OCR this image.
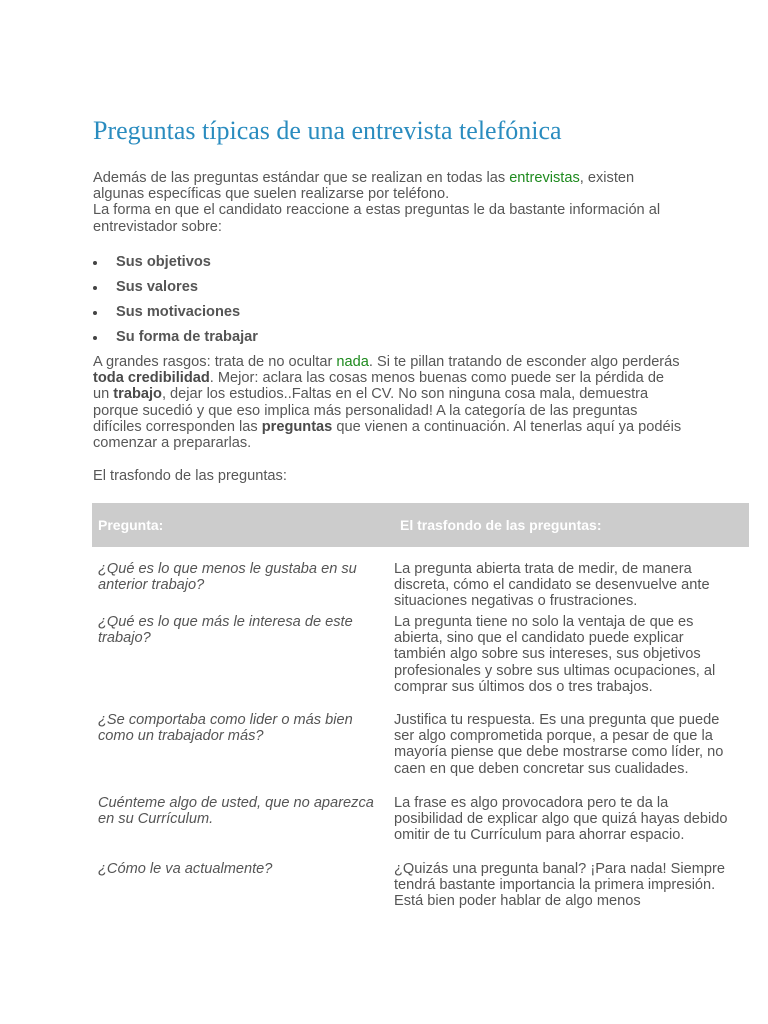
Preguntas típicas de una entrevista telefónica

Además de las preguntas estándar que se realizan en todas las entrevistas, existen algunas específicas que suelen realizarse por teléfono.
La forma en que el candidato reaccione a estas preguntas le da bastante información al entrevistador sobre:

Sus objetivos
Sus valores
Sus motivaciones
Su forma de trabajar

A grandes rasgos: trata de no ocultar nada. Si te pillan tratando de esconder algo perderás toda credibilidad. Mejor: aclara las cosas menos buenas como puede ser la pérdida de un trabajo, dejar los estudios..Faltas en el CV. No son ninguna cosa mala, demuestra porque sucedió y que eso implica más personalidad! A la categoría de las preguntas difíciles corresponden las preguntas que vienen a continuación. Al tenerlas aquí ya podéis comenzar a prepararlas.

El trasfondo de las preguntas:

Pregunta:	El trasfondo de las preguntas:
¿Qué es lo que menos le gustaba en su anterior trabajo?
La pregunta abierta trata de medir, de manera discreta, cómo el candidato se desenvuelve ante situaciones negativas o frustraciones.
¿Qué es lo que más le interesa de este trabajo?
La pregunta tiene no solo la ventaja de que es abierta, sino que el candidato puede explicar también algo sobre sus intereses, sus objetivos profesionales y sobre sus ultimas ocupaciones, al comprar sus últimos dos o tres trabajos.
¿Se comportaba como lider o más bien como un trabajador más?
Justifica tu respuesta. Es una pregunta que puede ser algo comprometida porque, a pesar de que la mayoría piense que debe mostrarse como líder, no caen en que deben concretar sus cualidades.
Cuénteme algo de usted, que no aparezca en su Currículum.
La frase es algo provocadora pero te da la posibilidad de explicar algo que quizá hayas debido omitir de tu Currículum para ahorrar espacio.
¿Cómo le va actualmente?	¿Quizás una pregunta banal? ¡Para nada! Siempre tendrá bastante importancia la primera impresión. Está bien poder hablar de algo menos
